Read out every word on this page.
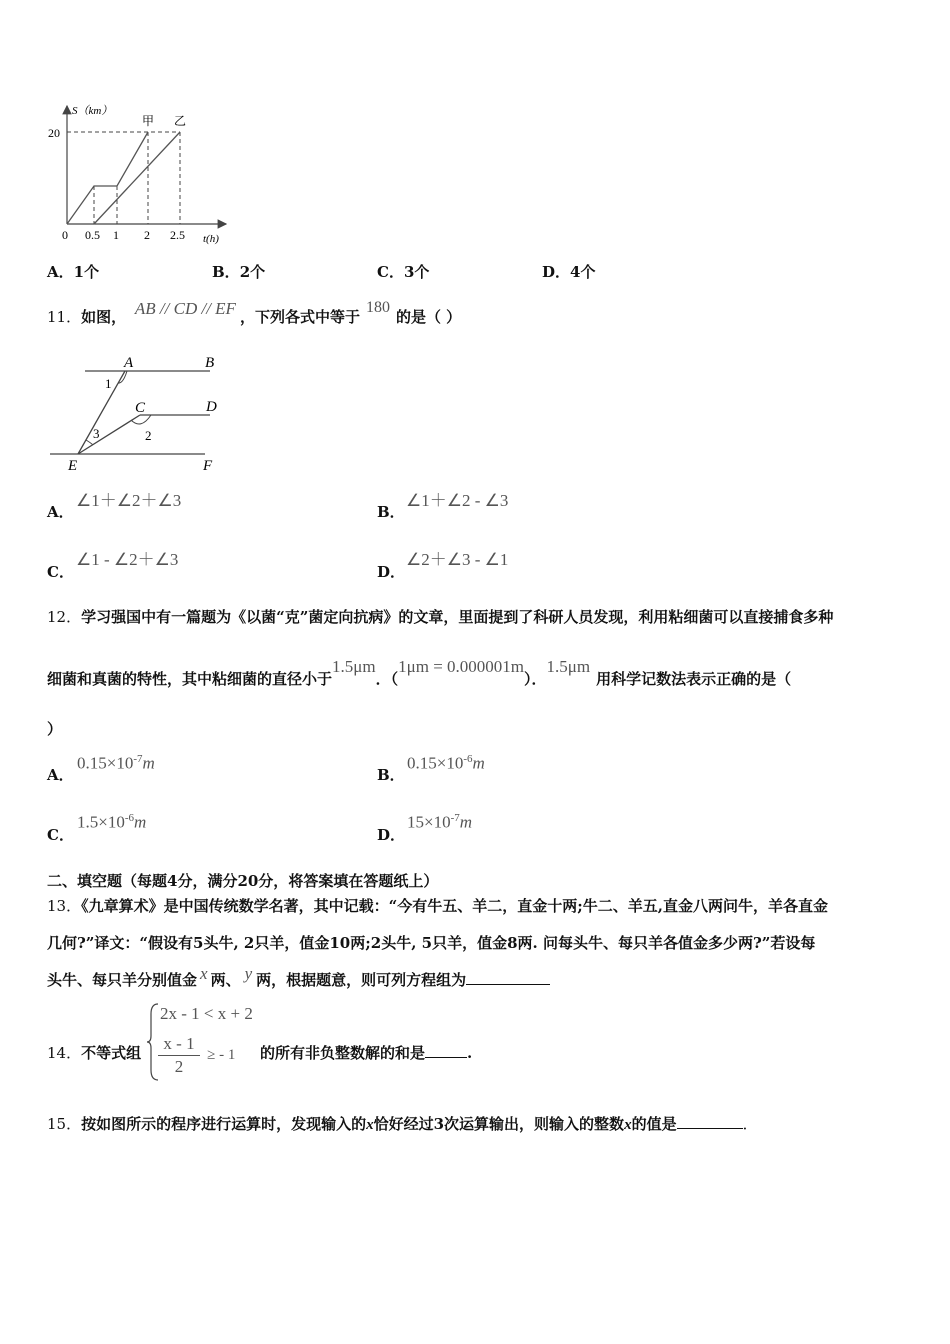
S（km）
20
0 0.5 1 2 2.5 t(h)
甲 乙
A．1个	B．2个	C．3个	D．4个
11．如图， AB // CD // EF ，下列各式中等于180的是（ ）
A	B
C	D
E	F
1
2
3
A．
∠1＋∠2＋∠3
B．
∠1＋∠2 - ∠3
C．
∠1 - ∠2＋∠3
D．
∠2＋∠3 - ∠1
12．学习强国中有一篇题为《以菌“克”菌定向抗病》的文章，里面提到了科研人员发现，利用粘细菌可以直接捕食多种
细菌和真菌的特性，其中粘细菌的直径小于1.5μm．（1μm = 0.000001m）．1.5μm用科学记数法表示正确的是（
）
A．
$0.15\times 10^{-7}m$
B．
$0.15\times 10^{-6}m$
C．
$1.5\times 10^{-6}m$
D．
$15\times 10^{-7}m$
二、填空题（每题4分，满分20分，将答案填在答题纸上）
13．《九章算术》是中国传统数学名著，其中记载：“今有牛五、羊二，直金十两;牛二、羊五,直金八两问牛，羊各直金
几何?”译文：“假设有5头牛, 2只羊，值金10两;2头牛, 5只羊，值金8两. 问每头牛、每只羊各值金多少两?”若设每
头牛、每只羊分别值金 x 两、 y 两，根据题意，则可列方程组为
14．不等式组
2x - 1 < x + 2
$\frac{x - 1}{2}$ ≥ - 1 的所有非负整数解的和是	.
15．按如图所示的程序进行运算时，发现输入的x恰好经过3次运算输出，则输入的整数x的值是	．
